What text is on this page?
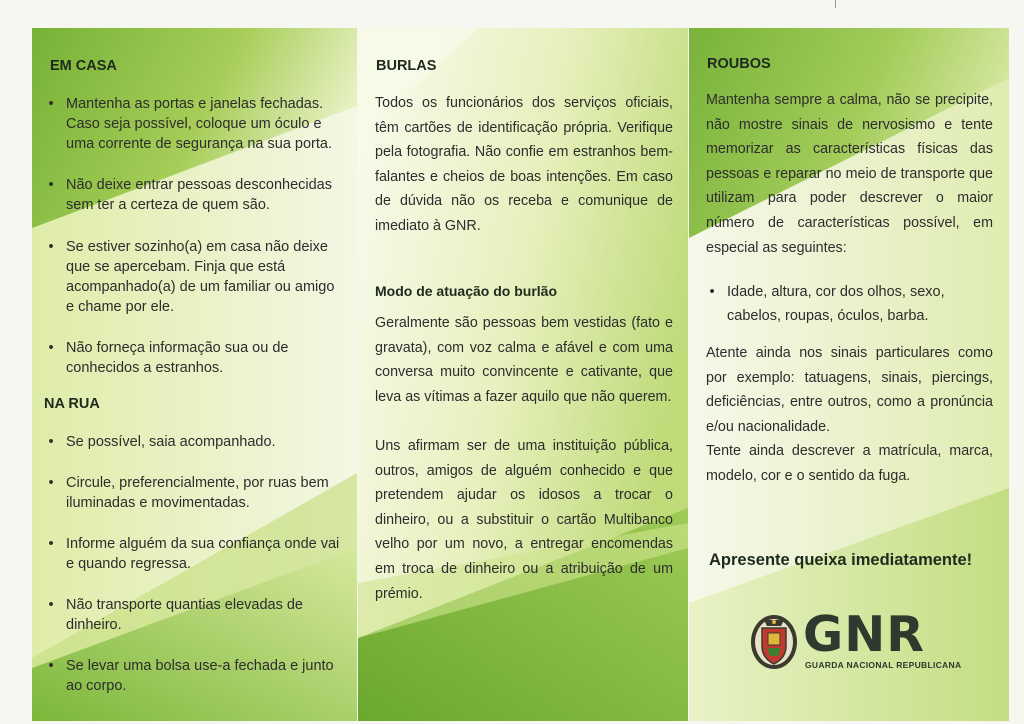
EM CASA
• Mantenha as portas e janelas fechadas. Caso seja possível, coloque um óculo e uma corrente de segurança na sua porta.
• Não deixe entrar pessoas desconhecidas sem ter a certeza de quem são.
• Se estiver sozinho(a) em casa não deixe que se apercebam. Finja que está acompanhado(a) de um familiar ou amigo e chame por ele.
• Não forneça informação sua ou de conhecidos a estranhos.
NA RUA
• Se possível, saia acompanhado.
• Circule, preferencialmente, por ruas bem iluminadas e movimentadas.
• Informe alguém da sua confiança onde vai e quando regressa.
• Não transporte quantias elevadas de dinheiro.
• Se levar uma bolsa use-a fechada e junto ao corpo.
BURLAS

Todos os funcionários dos serviços oficiais, têm cartões de identificação própria. Verifique pela fotografia. Não confie em estranhos bem-falantes e cheios de boas intenções. Em caso de dúvida não os receba e comunique de imediato à GNR.

Modo de atuação do burlão

Geralmente são pessoas bem vestidas (fato e gravata), com voz calma e afável e com uma conversa muito convincente e cativante, que leva as vítimas a fazer aquilo que não querem.

Uns afirmam ser de uma instituição pública, outros, amigos de alguém conhecido e que pretendem ajudar os idosos a trocar o dinheiro, ou a substituir o cartão Multibanco velho por um novo, a entregar encomendas em troca de dinheiro ou a atribuição de um prémio.

ROUBOS

Mantenha sempre a calma, não se precipite, não mostre sinais de nervosismo e tente memorizar as características físicas das pessoas e reparar no meio de transporte que utilizam para poder descrever o maior número de características possível, em especial as seguintes:

• Idade, altura, cor dos olhos, sexo, cabelos, roupas, óculos, barba.

Atente ainda nos sinais particulares como por exemplo: tatuagens, sinais, piercings, deficiências, entre outros, como a pronúncia e/ou nacionalidade.

Tente ainda descrever a matrícula, marca, modelo, cor e o sentido da fuga.

Apresente queixa imediatamente!
GNR
GUARDA NACIONAL REPUBLICANA
